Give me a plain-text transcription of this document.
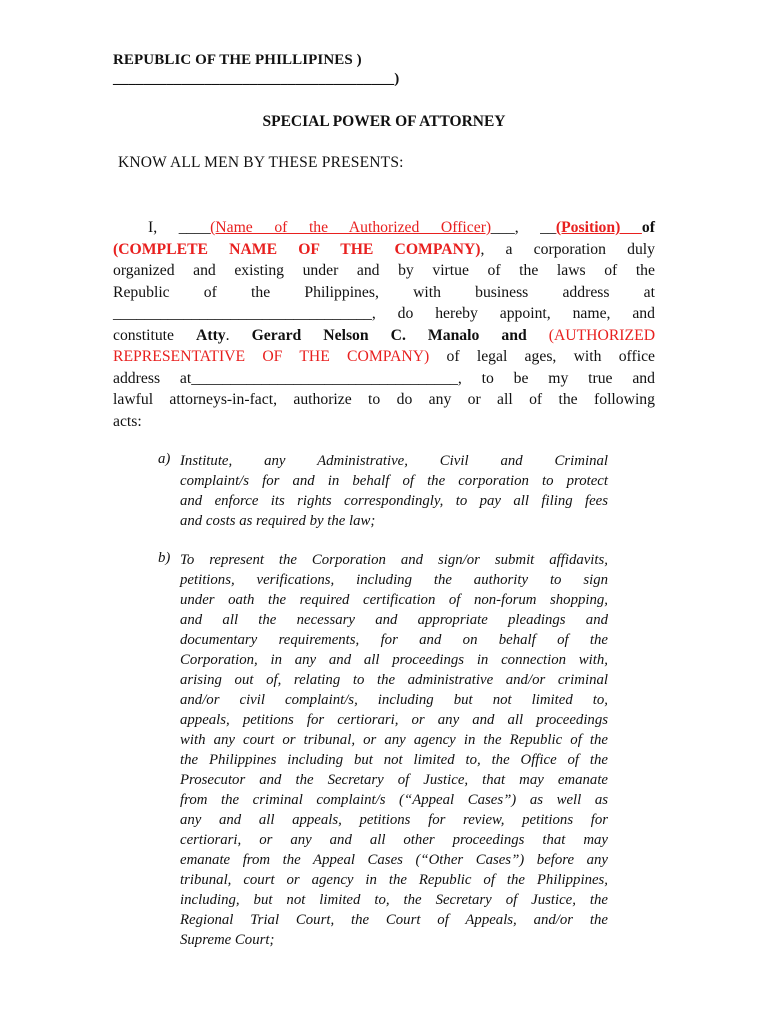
REPUBLIC OF THE PHILLIPINES )
_____________________________________)
SPECIAL POWER OF ATTORNEY
KNOW ALL MEN BY THESE PRESENTS:
I, ____(Name of the Authorized Officer)___, __(Position) of
(COMPLETE NAME OF THE COMPANY), a corporation duly
organized and existing under and by virtue of the laws of the
Republic of the Philippines, with business address at
_________________________________, do hereby appoint, name, and
constitute Atty. Gerard Nelson C. Manalo and (AUTHORIZED
REPRESENTATIVE OF THE COMPANY) of legal ages, with office
address at__________________________________, to be my true and
lawful attorneys-in-fact, authorize to do any or all of the following
acts:
a) Institute, any Administrative, Civil and Criminal
complaint/s for and in behalf of the corporation to protect
and enforce its rights correspondingly, to pay all filing fees
and costs as required by the law;
b) To represent the Corporation and sign/or submit affidavits,
petitions, verifications, including the authority to sign
under oath the required certification of non-forum shopping,
and all the necessary and appropriate pleadings and
documentary requirements, for and on behalf of the
Corporation, in any and all proceedings in connection with,
arising out of, relating to the administrative and/or criminal
and/or civil complaint/s, including but not limited to,
appeals, petitions for certiorari, or any and all proceedings
with any court or tribunal, or any agency in the Republic of the
the Philippines including but not limited to, the Office of the
Prosecutor and the Secretary of Justice, that may emanate
from the criminal complaint/s (“Appeal Cases”) as well as
any and all appeals, petitions for review, petitions for
certiorari, or any and all other proceedings that may
emanate from the Appeal Cases (“Other Cases”) before any
tribunal, court or agency in the Republic of the Philippines,
including, but not limited to, the Secretary of Justice, the
Regional Trial Court, the Court of Appeals, and/or the
Supreme Court;
